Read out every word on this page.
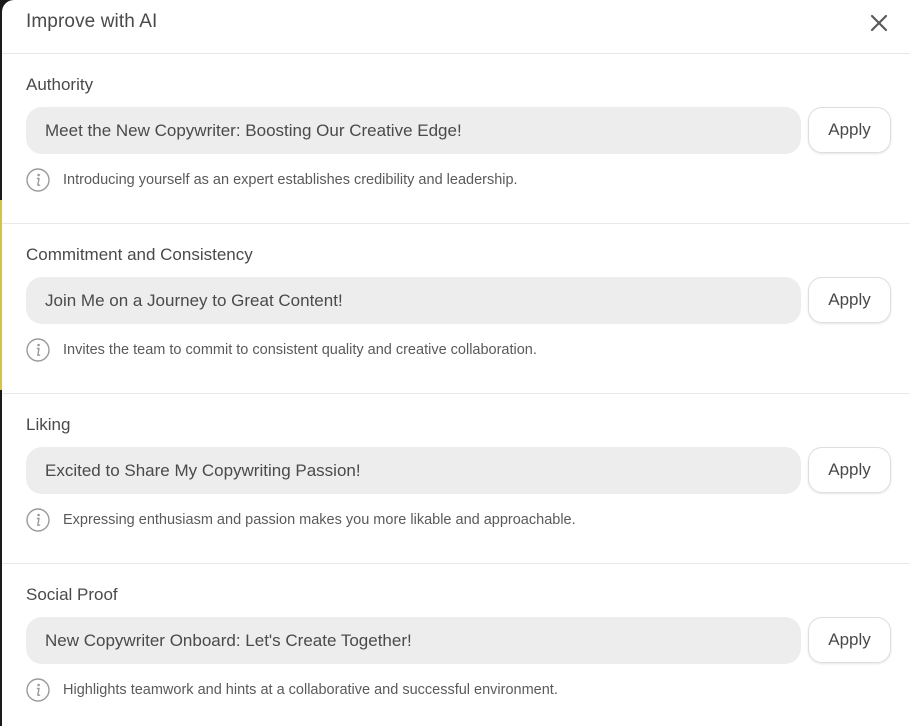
Improve with AI
Authority
Meet the New Copywriter: Boosting Our Creative Edge!	Apply
Introducing yourself as an expert establishes credibility and leadership.
Commitment and Consistency
Join Me on a Journey to Great Content!	Apply
Invites the team to commit to consistent quality and creative collaboration.
Liking
Excited to Share My Copywriting Passion!	Apply
Expressing enthusiasm and passion makes you more likable and approachable.
Social Proof
New Copywriter Onboard: Let's Create Together!	Apply
Highlights teamwork and hints at a collaborative and successful environment.
